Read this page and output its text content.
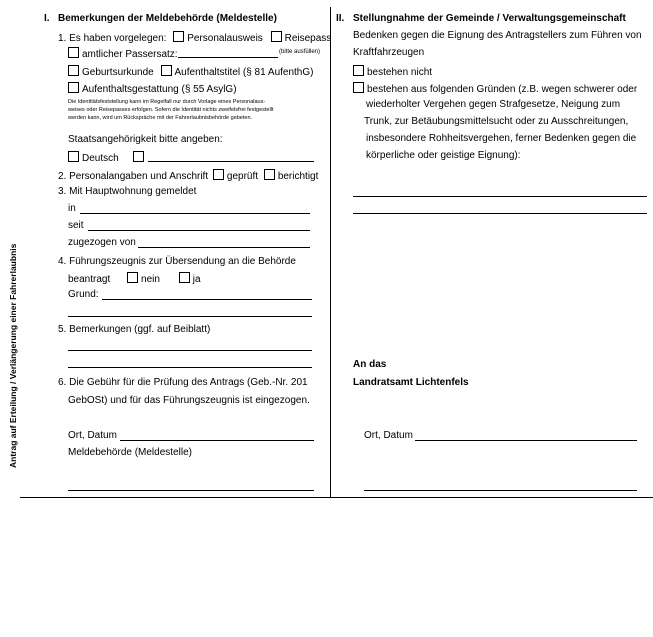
Antrag auf Erteilung / Verlängerung einer Fahrerlaubnis
I. Bemerkungen der Meldebehörde (Meldestelle)
1. Es haben vorgelegen: Personalausweis Reisepass
amtlicher Passersatz:	(bitte ausfüllen)
Geburtsurkunde Aufenthaltstitel (§ 81 AufenthG)
Aufenthaltsgestattung (§ 55 AsylG)
Die Identitätsfeststellung kann im Regelfall nur durch Vorlage eines Personalaus-
weises oder Reisepasses erfolgen. Sofern die Identität nichts zweifelsfrei festgestellt
werden kann, wird um Rückspräche mit der Fahrerlaubnisbehörde gebeten.
Staatsangehörigkeit bitte angeben:
Deutsch
2. Personalangaben und Anschrift geprüft berichtigt
3. Mit Hauptwohnung gemeldet
in
seit
zugezogen von
4. Führungszeugnis zur Übersendung an die Behörde
beantragt	nein	ja
Grund:
5. Bemerkungen (ggf. auf Beiblatt)
6. Die Gebühr für die Prüfung des Antrags (Geb.-Nr. 201
GebOSt) und für das Führungszeugnis ist eingezogen.
Ort, Datum
Meldebehörde (Meldestelle)
II. Stellungnahme der Gemeinde / Verwaltungsgemeinschaft
Bedenken gegen die Eignung des Antragstellers zum Führen von
Kraftfahrzeugen
bestehen nicht
bestehen aus folgenden Gründen (z.B. wegen schwerer oder
wiederholter Vergehen gegen Strafgesetze, Neigung zum
Trunk, zur Betäubungsmittelsucht oder zu Ausschreitungen,
insbesondere Rohheitsvergehen, ferner Bedenken gegen die
körperliche oder geistige Eignung):
An das
Landratsamt Lichtenfels
Ort, Datum
